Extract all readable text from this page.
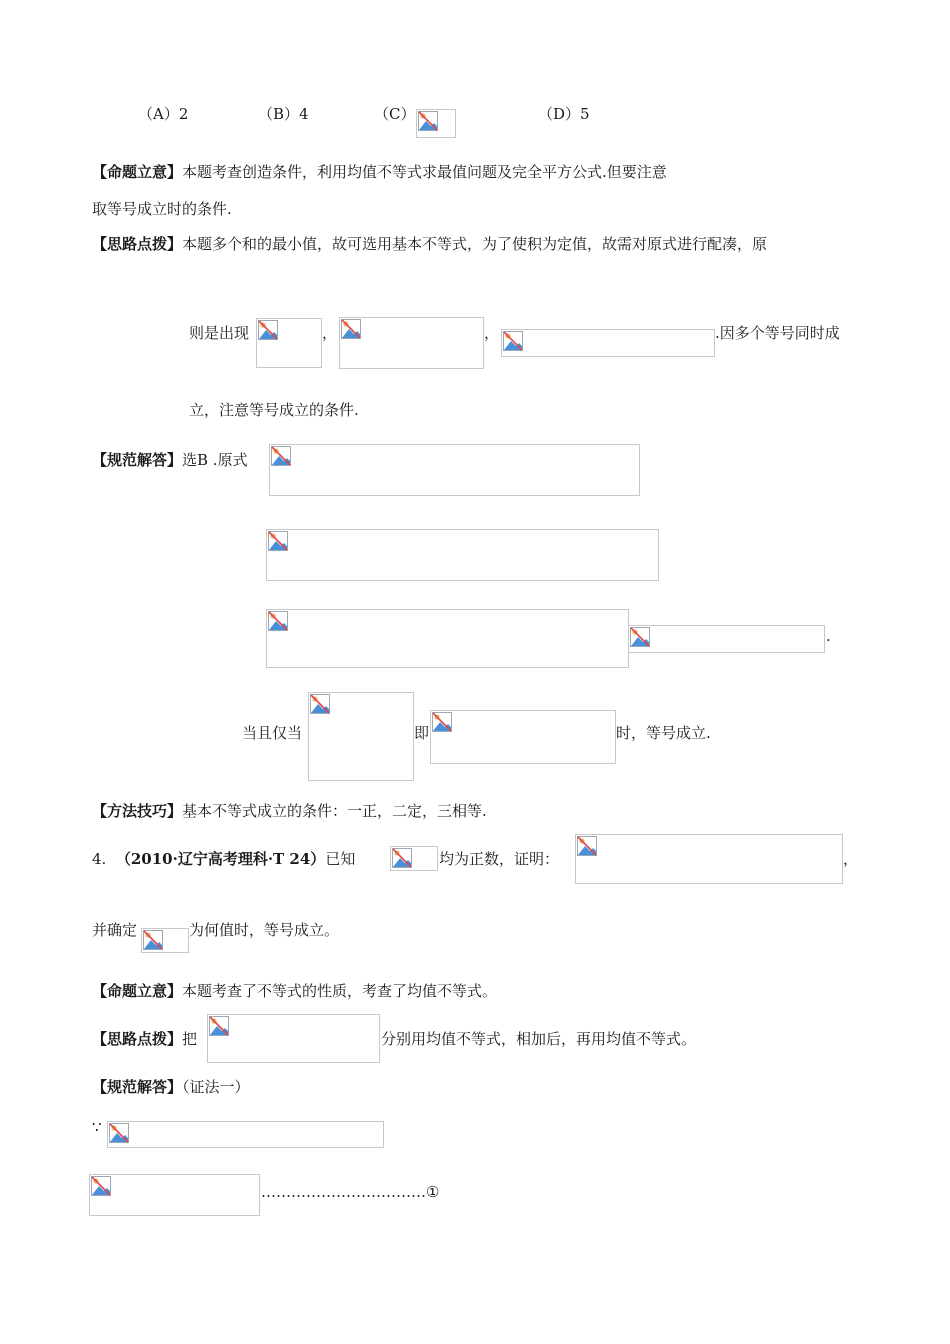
（A）2	（B）4	（C）	（D）5
【命题立意】本题考查创造条件，利用均值不等式求最值问题及完全平方公式.但要注意
取等号成立时的条件.
【思路点拨】本题多个和的最小值，故可选用基本不等式，为了使积为定值，故需对原式进行配凑，原
则是出现	，	，	.因多个等号同时成
立，注意等号成立的条件.
【规范解答】选B .原式
.
当且仅当	即	时，等号成立.
【方法技巧】基本不等式成立的条件：一正，二定，三相等.
4. （2010·辽宁高考理科·T 24）已知	均为正数，证明：	，
并确定	为何值时，等号成立。
【命题立意】本题考查了不等式的性质，考查了均值不等式。
【思路点拨】把	分别用均值不等式，相加后，再用均值不等式。
【规范解答】（证法一）
∵
……………………………①
